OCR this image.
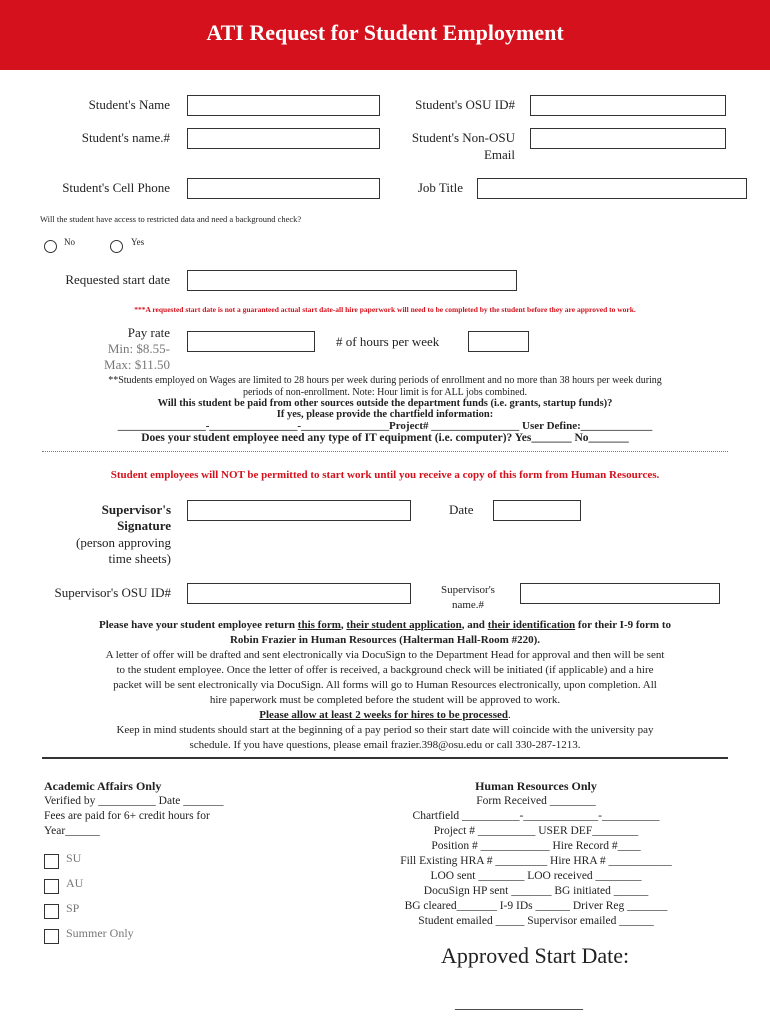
ATI Request for Student Employment
Student's Name	Student's OSU ID#
Student's name.#	Student's Non-OSU
Email
Student's Cell Phone	Job Title
Will the student have access to restricted data and need a background check?
No	Yes
Requested start date
***A requested start date is not a guaranteed actual start date-all hire paperwork will need to be completed by the student before they are approved to work.
Pay rate
Min: $8.55-
Max: $11.50
# of hours per week
**Students employed on Wages are limited to 28 hours per week during periods of enrollment and no more than 38 hours per week during
periods of non-enrollment. Note: Hour limit is for ALL jobs combined.
Will this student be paid from other sources outside the department funds (i.e. grants, startup funds)?
If yes, please provide the chartfield information:
________________-________________-________________Project# ________________ User Define:_____________
Does your student employee need any type of IT equipment (i.e. computer)? Yes_______ No_______
Student employees will NOT be permitted to start work until you receive a copy of this form from Human Resources.
Supervisor's
Signature
(person approving
time sheets)
Date
Supervisor's OSU ID#	Supervisor's
name.#
Please have your student employee return this form, their student application, and their identification for their I-9 form to
Robin Frazier in Human Resources (Halterman Hall-Room #220).
A letter of offer will be drafted and sent electronically via DocuSign to the Department Head for approval and then will be sent
to the student employee. Once the letter of offer is received, a background check will be initiated (if applicable) and a hire
packet will be sent electronically via DocuSign. All forms will go to Human Resources electronically, upon completion. All
hire paperwork must be completed before the student will be approved to work.
Please allow at least 2 weeks for hires to be processed.
Keep in mind students should start at the beginning of a pay period so their start date will coincide with the university pay
schedule. If you have questions, please email frazier.398@osu.edu or call 330-287-1213.
Academic Affairs Only
Verified by __________ Date _______
Fees are paid for 6+ credit hours for
Year______
SU
AU
SP
Summer Only
Human Resources Only
Form Received ________
Chartfield __________-_____________-__________
Project # __________ USER DEF________
Position # ____________ Hire Record #____
Fill Existing HRA # _________ Hire HRA # ___________
LOO sent ________ LOO received ________
DocuSign HP sent _______ BG initiated ______
BG cleared_______ I-9 IDs ______ Driver Reg _______
Student emailed _____ Supervisor emailed ______
Approved Start Date:
________________
